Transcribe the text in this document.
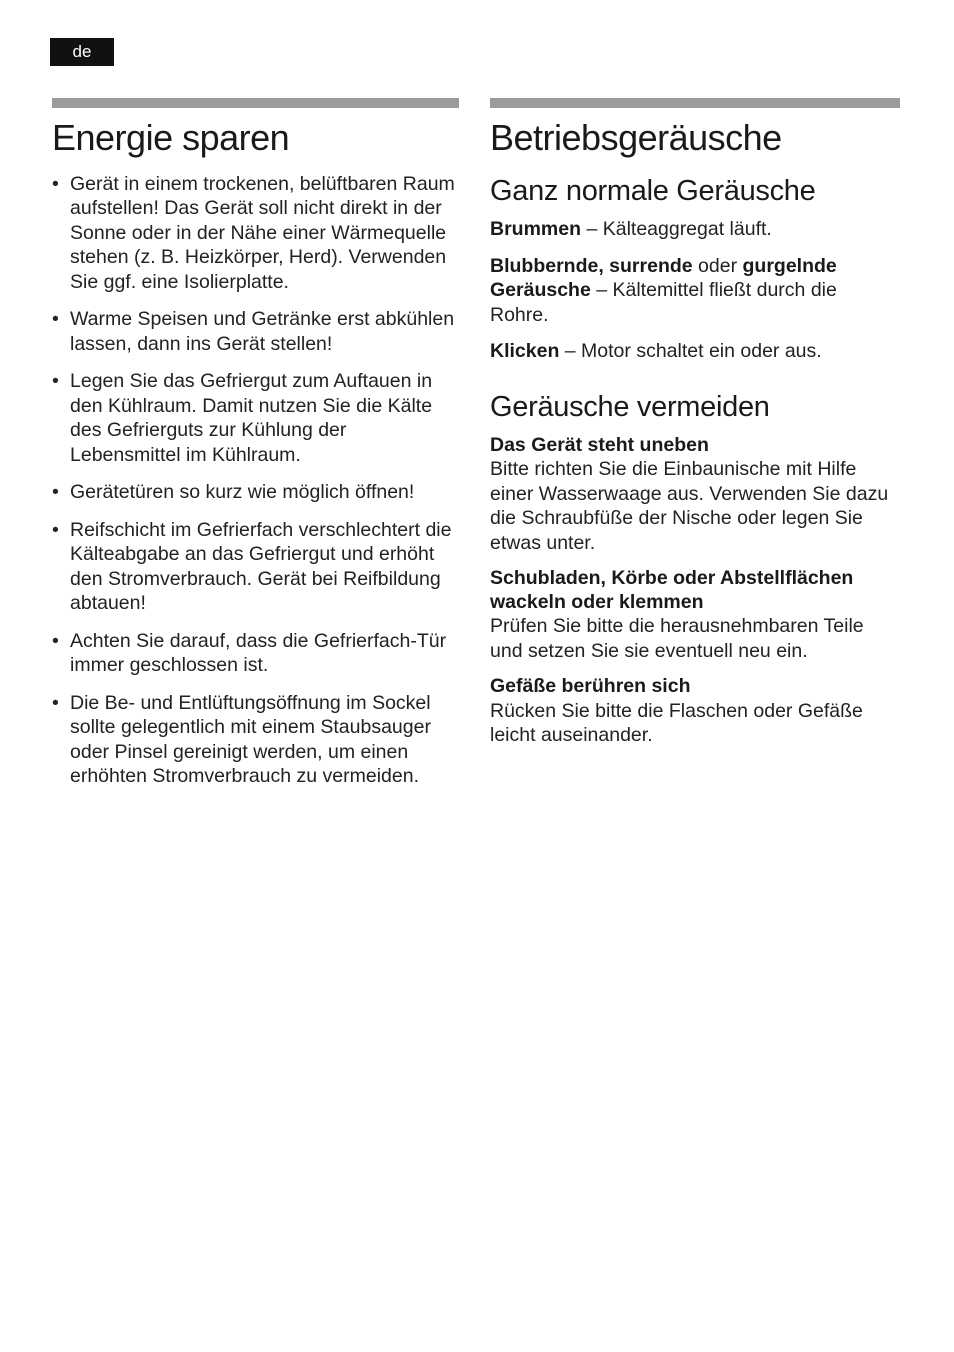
de
Energie sparen
• Gerät in einem trockenen, belüftbaren Raum aufstellen! Das Gerät soll nicht direkt in der Sonne oder in der Nähe einer Wärmequelle stehen (z. B. Heizkörper, Herd). Verwenden Sie ggf. eine Isolierplatte.
• Warme Speisen und Getränke erst abkühlen lassen, dann ins Gerät stellen!
• Legen Sie das Gefriergut zum Auftauen in den Kühlraum. Damit nutzen Sie die Kälte des Gefrierguts zur Kühlung der Lebensmittel im Kühlraum.
• Gerätetüren so kurz wie möglich öffnen!
• Reifschicht im Gefrierfach verschlechtert die Kälteabgabe an das Gefriergut und erhöht den Stromverbrauch. Gerät bei Reifbildung abtauen!
• Achten Sie darauf, dass die Gefrierfach-Tür immer geschlossen ist.
• Die Be- und Entlüftungsöffnung im Sockel sollte gelegentlich mit einem Staubsauger oder Pinsel gereinigt werden, um einen erhöhten Stromverbrauch zu vermeiden.
Betriebsgeräusche
Ganz normale Geräusche

Brummen – Kälteaggregat läuft.

Blubbernde, surrende oder gurgelnde Geräusche – Kältemittel fließt durch die Rohre.

Klicken – Motor schaltet ein oder aus.

Geräusche vermeiden
Das Gerät steht uneben

Bitte richten Sie die Einbaunische mit Hilfe einer Wasserwaage aus. Verwenden Sie dazu die Schraubfüße der Nische oder legen Sie etwas unter.

Schubladen, Körbe oder Abstellflächen wackeln oder klemmen

Prüfen Sie bitte die herausnehmbaren Teile und setzen Sie sie eventuell neu ein.

Gefäße berühren sich

Rücken Sie bitte die Flaschen oder Gefäße leicht auseinander.
